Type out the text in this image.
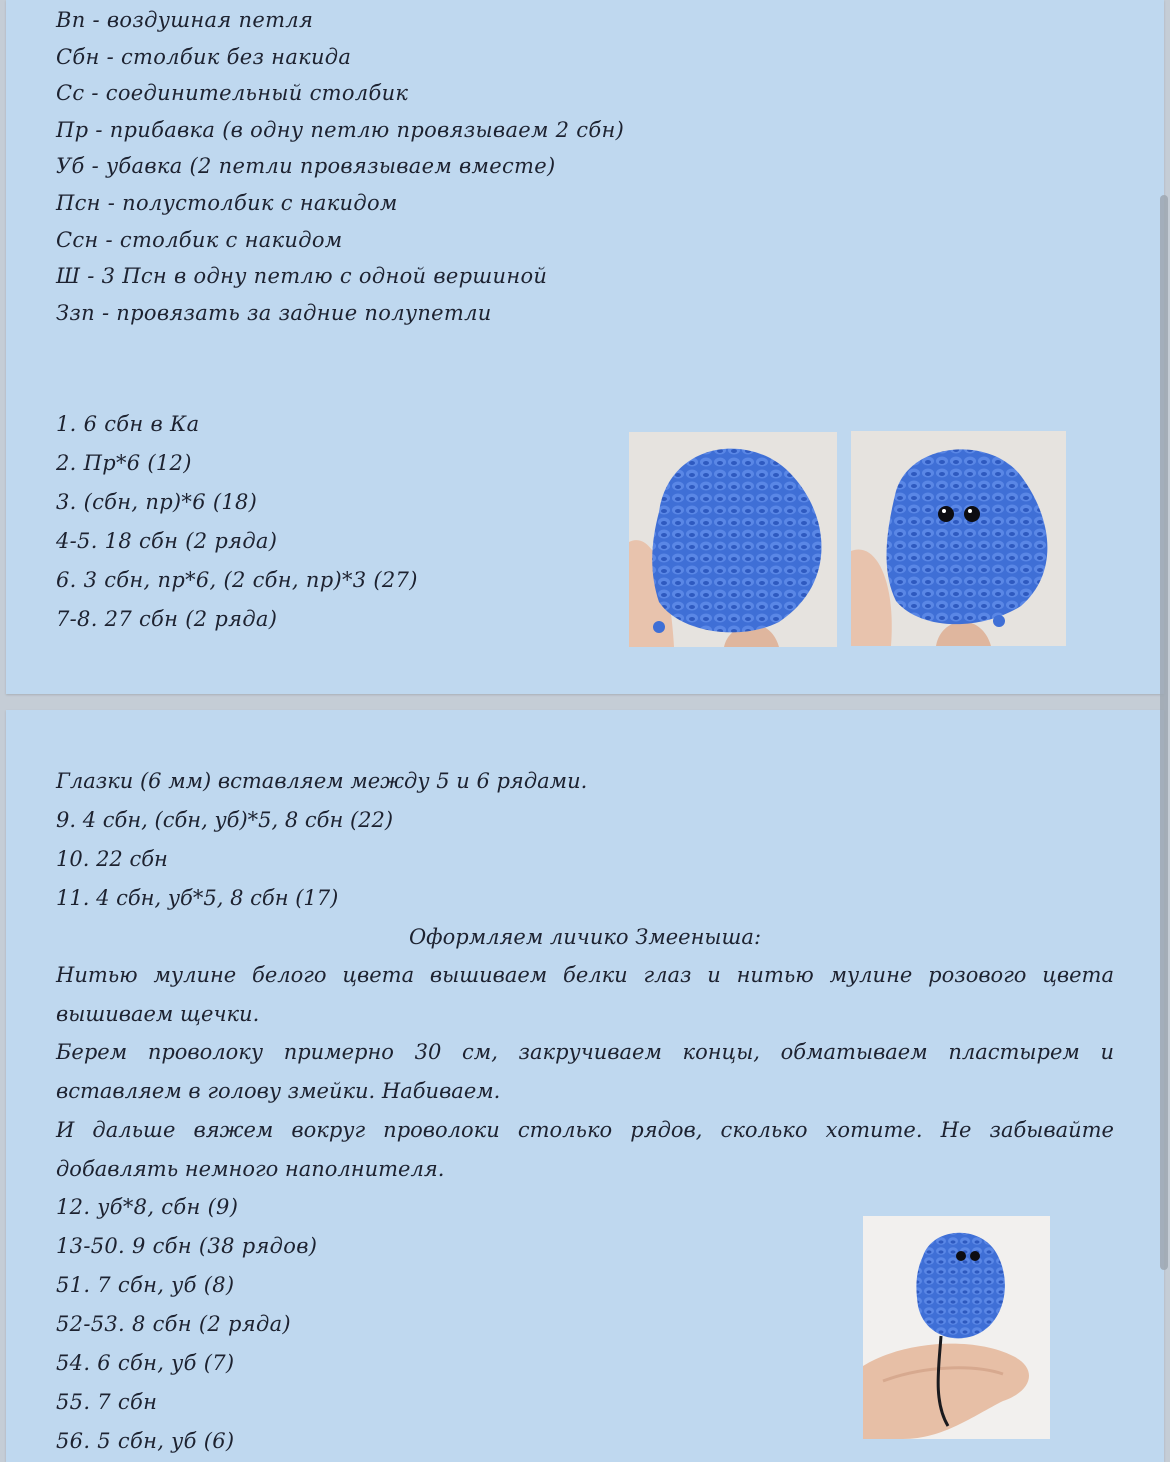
Вп - воздушная петля
Сбн - столбик без накида
Сс - соединительный столбик
Пр - прибавка (в одну петлю провязываем 2 сбн)
Уб - убавка (2 петли провязываем вместе)
Псн - полустолбик с накидом
Ссн - столбик с накидом
Ш - 3 Псн в одну петлю с одной вершиной
Ззп - провязать за задние полупетли
1. 6 сбн в Ка
2. Пр*6 (12)
3. (сбн, пр)*6 (18)
4-5. 18 сбн (2 ряда)
6. 3 сбн, пр*6, (2 сбн, пр)*3 (27)
7-8. 27 сбн (2 ряда)
Глазки (6 мм) вставляем между 5 и 6 рядами.
9. 4 сбн, (сбн, уб)*5, 8 сбн (22)
10. 22 сбн
11. 4 сбн, уб*5, 8 сбн (17)
Оформляем личико Змееныша:
Нитью мулине белого цвета вышиваем белки глаз и нитью мулине розового цвета вышиваем щечки.
Берем проволоку примерно 30 см, закручиваем концы, обматываем пластырем и вставляем в голову змейки. Набиваем.
И дальше вяжем вокруг проволоки столько рядов, сколько хотите. Не забывайте добавлять немного наполнителя.
12. уб*8, сбн (9)
13-50. 9 сбн (38 рядов)
51. 7 сбн, уб (8)
52-53. 8 сбн (2 ряда)
54. 6 сбн, уб (7)
55. 7 сбн
56. 5 сбн, уб (6)
